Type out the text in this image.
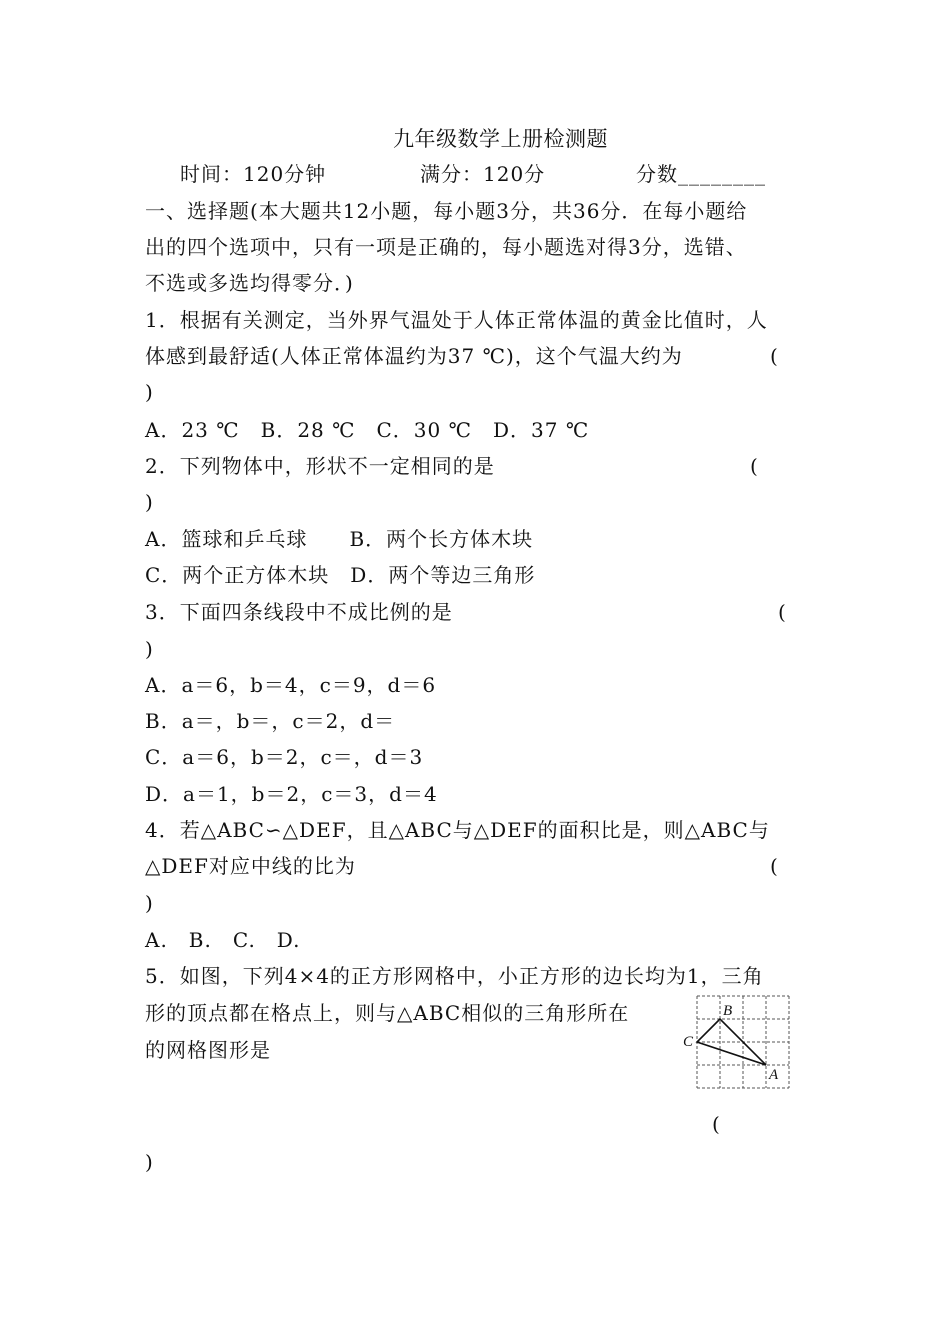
九年级数学上册检测题
时间：120分钟	满分：120分	分数________
一、选择题(本大题共12小题，每小题3分，共36分．在每小题给
出的四个选项中，只有一项是正确的，每小题选对得3分，选错、
不选或多选均得零分．)
1．根据有关测定，当外界气温处于人体正常体温的黄金比值时，人
体感到最舒适(人体正常体温约为37 ℃)，这个气温大约为	(
)
A．23 ℃　B．28 ℃　C．30 ℃　D．37 ℃
2．下列物体中，形状不一定相同的是	(
)
A．篮球和乒乓球　　B．两个长方体木块
C．两个正方体木块　D．两个等边三角形
3．下面四条线段中不成比例的是	(
)
A．a＝6，b＝4，c＝9，d＝6
B．a＝，b＝，c＝2，d＝
C．a＝6，b＝2，c＝，d＝3
D．a＝1，b＝2，c＝3，d＝4
4．若△ABC∽△DEF，且△ABC与△DEF的面积比是，则△ABC与
△DEF对应中线的比为	(
)
A.　B.　C.　D.
5．如图，下列4×4的正方形网格中，小正方形的边长均为1，三角
形的顶点都在格点上，则与△ABC相似的三角形所在
的网格图形是
(
)
B
C
A
